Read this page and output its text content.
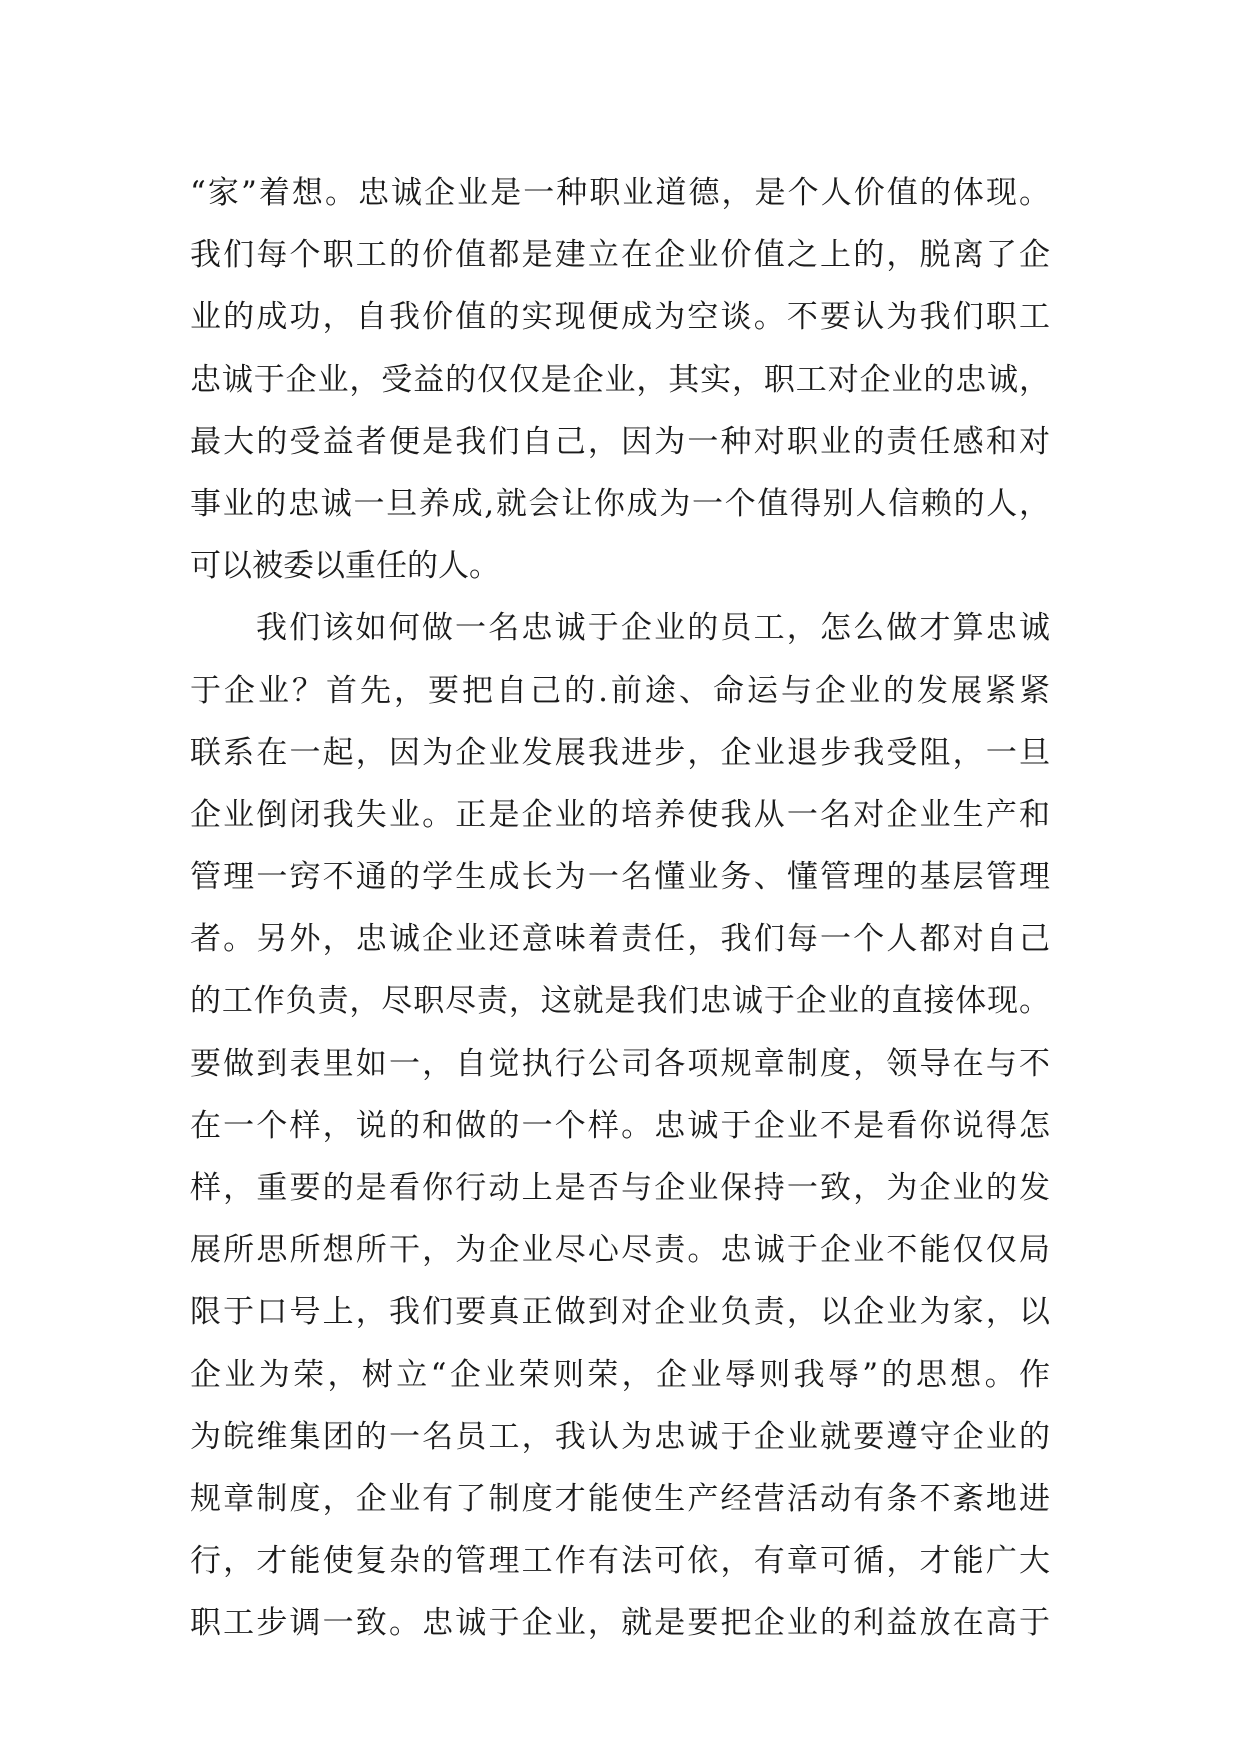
“家”着想。忠诚企业是一种职业道德，是个人价值的体现。
我们每个职工的价值都是建立在企业价值之上的，脱离了企
业的成功，自我价值的实现便成为空谈。不要认为我们职工
忠诚于企业，受益的仅仅是企业，其实，职工对企业的忠诚，
最大的受益者便是我们自己，因为一种对职业的责任感和对
事业的忠诚一旦养成,就会让你成为一个值得别人信赖的人，
可以被委以重任的人。
我们该如何做一名忠诚于企业的员工，怎么做才算忠诚
于企业？首先，要把自己的.前途、命运与企业的发展紧紧
联系在一起，因为企业发展我进步，企业退步我受阻，一旦
企业倒闭我失业。正是企业的培养使我从一名对企业生产和
管理一窍不通的学生成长为一名懂业务、懂管理的基层管理
者。另外，忠诚企业还意味着责任，我们每一个人都对自己
的工作负责，尽职尽责，这就是我们忠诚于企业的直接体现。
要做到表里如一，自觉执行公司各项规章制度，领导在与不
在一个样，说的和做的一个样。忠诚于企业不是看你说得怎
样，重要的是看你行动上是否与企业保持一致，为企业的发
展所思所想所干，为企业尽心尽责。忠诚于企业不能仅仅局
限于口号上，我们要真正做到对企业负责，以企业为家，以
企业为荣，树立“企业荣则荣，企业辱则我辱”的思想。作
为皖维集团的一名员工，我认为忠诚于企业就要遵守企业的
规章制度，企业有了制度才能使生产经营活动有条不紊地进
行，才能使复杂的管理工作有法可依，有章可循，才能广大
职工步调一致。忠诚于企业，就是要把企业的利益放在高于
